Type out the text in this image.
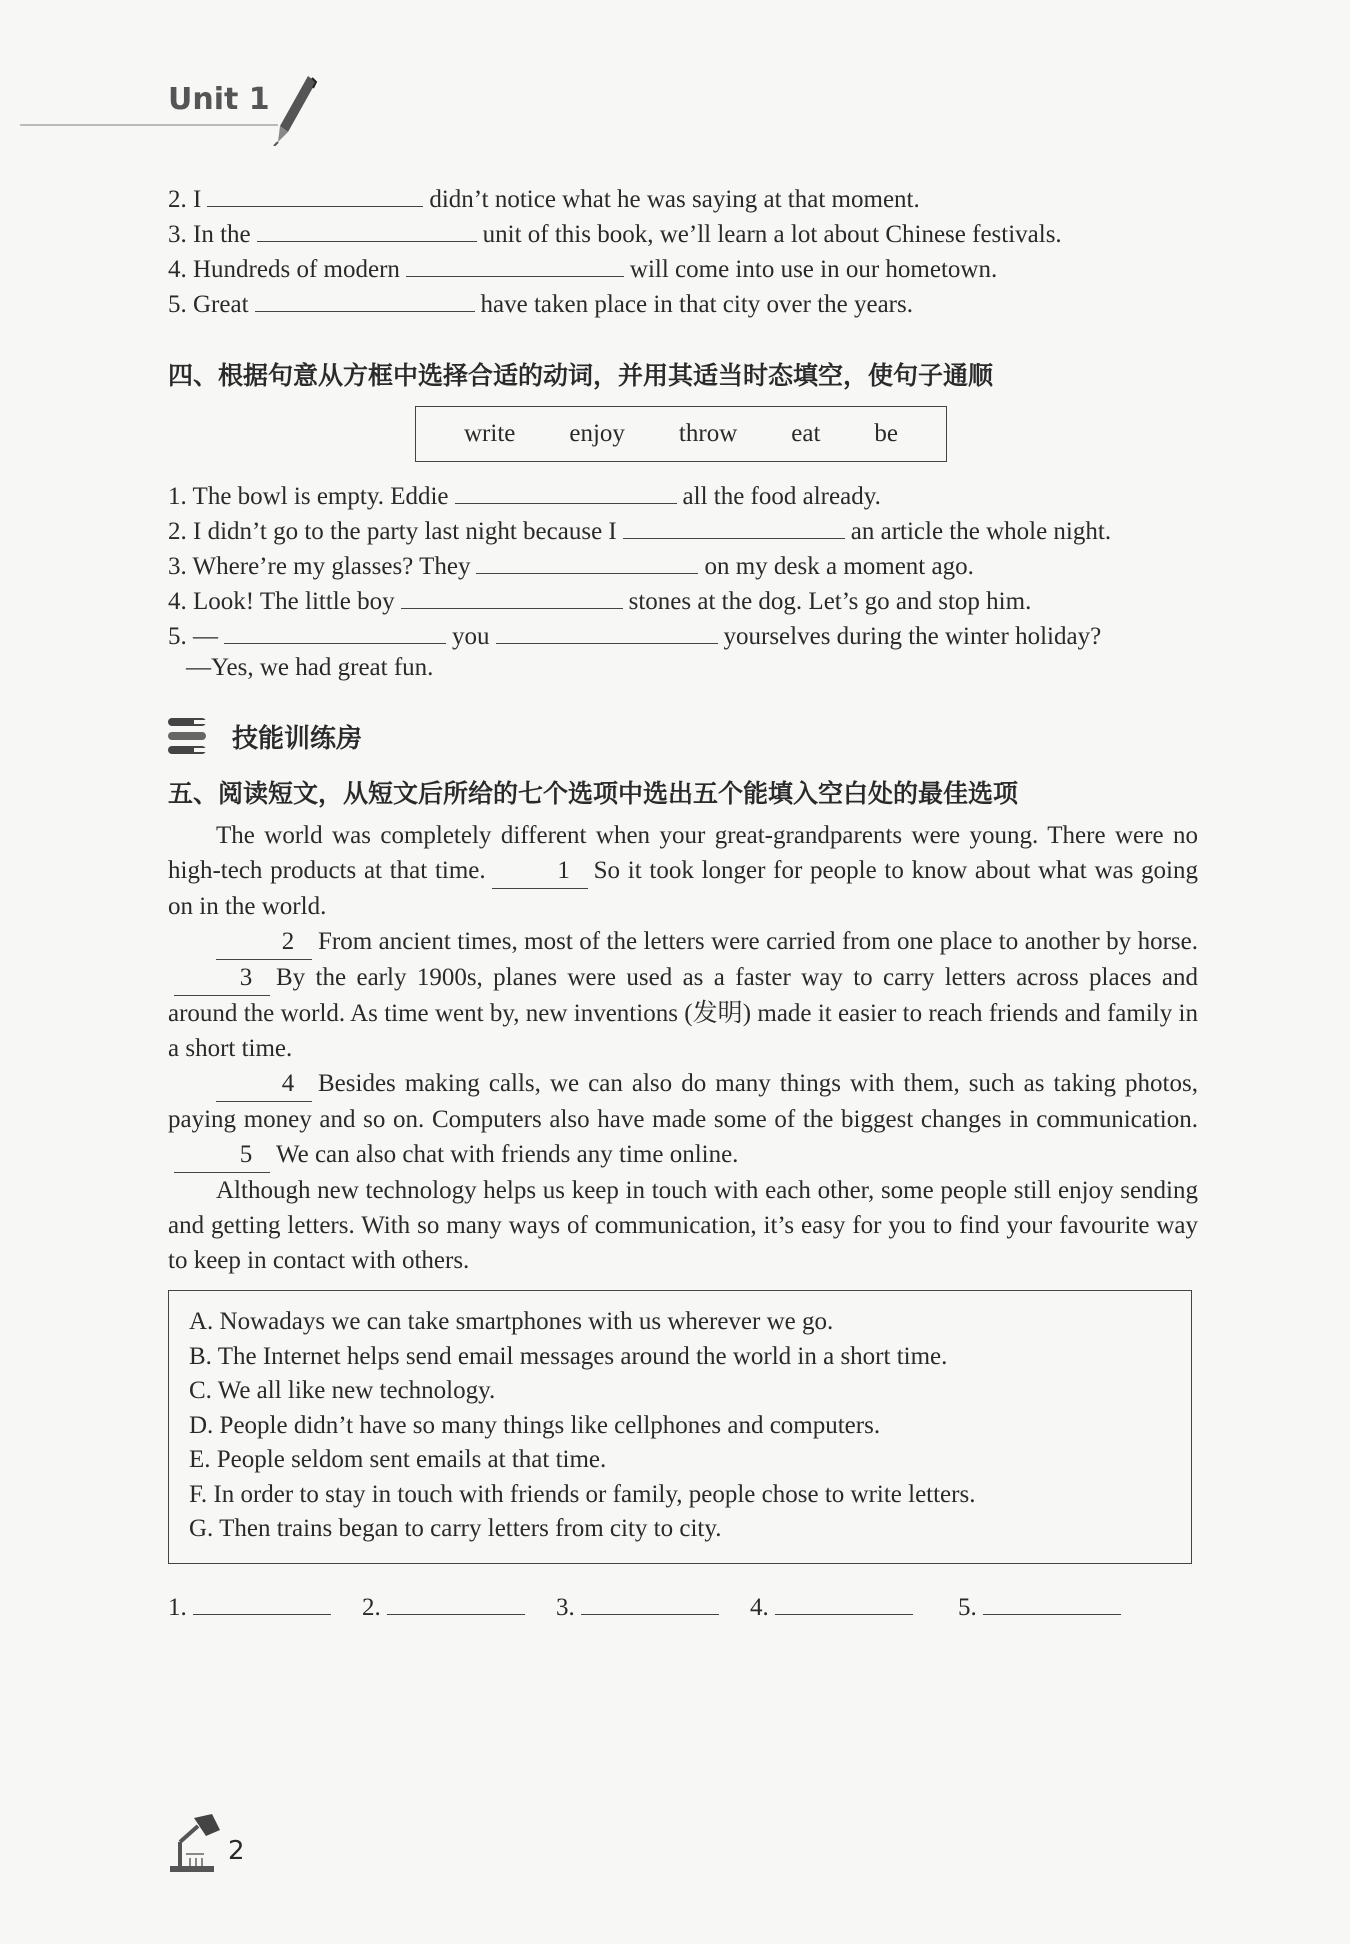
Unit 1
2. I	didn’t notice what he was saying at that moment.
3. In the	unit of this book, we’ll learn a lot about Chinese festivals.
4. Hundreds of modern	will come into use in our hometown.
5. Great	have taken place in that city over the years.
四、根据句意从方框中选择合适的动词，并用其适当时态填空，使句子通顺
write enjoy throw eat be
1. The bowl is empty. Eddie	all the food already.
2. I didn’t go to the party last night because I	an article the whole night.
3. Where’re my glasses? They	on my desk a moment ago.
4. Look! The little boy	stones at the dog. Let’s go and stop him.
5. —	you	yourselves during the winter holiday?
—Yes, we had great fun.
技能训练房
五、阅读短文，从短文后所给的七个选项中选出五个能填入空白处的最佳选项

The world was completely different when your great-grandparents were young. There were no high-tech products at that time.	1 So it took longer for people to know about what was going on in the world.

2 From ancient times, most of the letters were carried from one place to another by horse.3 By the early 1900s, planes were used as a faster way to carry letters across places and around the world. As time went by, new inventions (发明) made it easier to reach friends and family in a short time.

4 Besides making calls, we can also do many things with them, such as taking photos, paying money and so on. Computers also have made some of the biggest changes in communication.5 We can also chat with friends any time online.

Although new technology helps us keep in touch with each other, some people still enjoy sending and getting letters. With so many ways of communication, it’s easy for you to find your favourite way to keep in contact with others.

A. Nowadays we can take smartphones with us wherever we go.
B. The Internet helps send email messages around the world in a short time.
C. We all like new technology.
D. People didn’t have so many things like cellphones and computers.
E. People seldom sent emails at that time.
F. In order to stay in touch with friends or family, people chose to write letters.
G. Then trains began to carry letters from city to city.
1.	2.	3.	4.	5.
2
